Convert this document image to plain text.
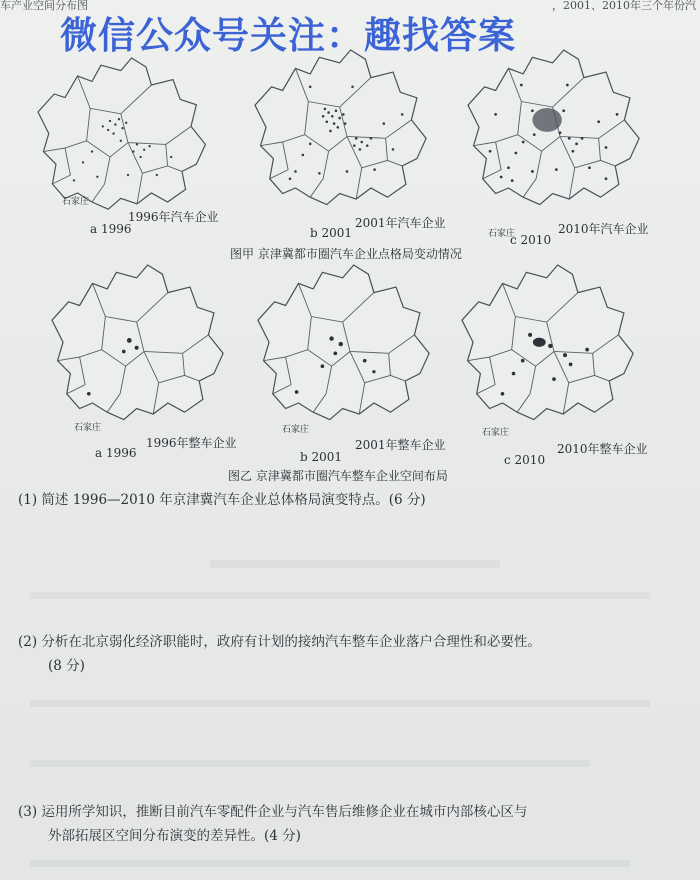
车产业空间分布图	，2001、2010年三个年份汽
石家庄
1996年汽车企业
a 1996	b 2001
2001年汽车企业
石家庄	2010年汽车企业
c 2010
图甲 京津冀都市圈汽车企业点格局变动情况
石家庄
1996年整车企业
a 1996
石家庄
2001年整车企业
b 2001
石家庄
2010年整车企业
c 2010
图乙 京津冀都市圈汽车整车企业空间布局
(1) 简述 1996—2010 年京津冀汽车企业总体格局演变特点。(6 分)
(2) 分析在北京弱化经济职能时，政府有计划的接纳汽车整车企业落户合理性和必要性。
(8 分)
(3) 运用所学知识，推断目前汽车零配件企业与汽车售后维修企业在城市内部核心区与
外部拓展区空间分布演变的差异性。(4 分)
微信公众号关注：趣找答案
